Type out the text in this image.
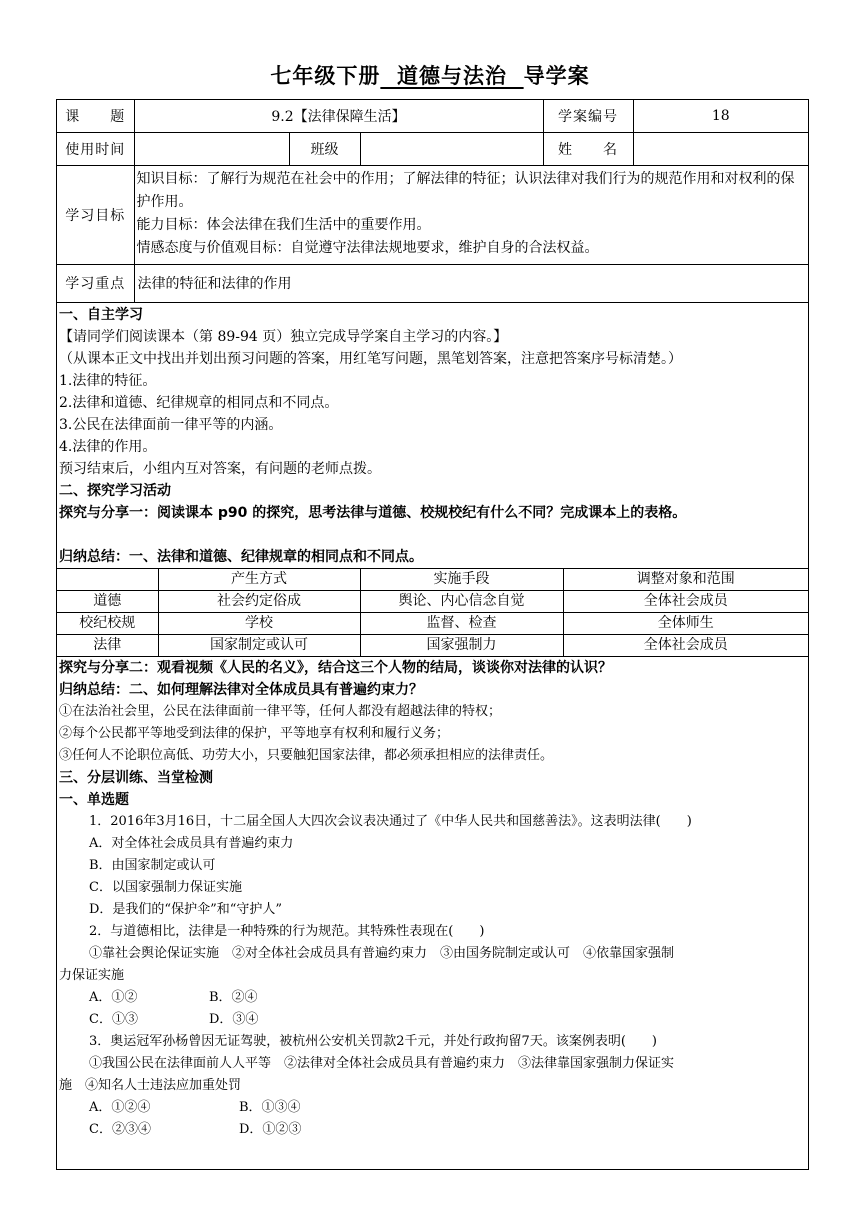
七年级下册 道德与法治 导学案
课　　题	9.2【法律保障生活】			学案编号	18
使用时间		班级		姓　　名	
学习目标	知识目标：了解行为规范在社会中的作用；了解法律的特征；认识法律对我们行为的规范作用和对权利的保护作用。
能力目标：体会法律在我们生活中的重要作用。
情感态度与价值观目标：自觉遵守法律法规地要求，维护自身的合法权益。				

学习重点	法律的特征和法律的作用				

一、自主学习

【请同学们阅读课本（第 89-94 页）独立完成导学案自主学习的内容。】

（从课本正文中找出并划出预习问题的答案，用红笔写问题，黑笔划答案，注意把答案序号标清楚。）

1.法律的特征。

2.法律和道德、纪律规章的相同点和不同点。

3.公民在法律面前一律平等的内涵。

4.法律的作用。

预习结束后，小组内互对答案，有问题的老师点拨。

二、探究学习活动

探究与分享一：阅读课本 p90 的探究，思考法律与道德、校规校纪有什么不同？完成课本上的表格。

归纳总结：一、法律和道德、纪律规章的相同点和不同点。

	产生方式	实施手段	调整对象和范围
道德	社会约定俗成	舆论、内心信念自觉	全体社会成员
校纪校规	学校	监督、检查	全体师生
法律	国家制定或认可	国家强制力	全体社会成员

探究与分享二：观看视频《人民的名义》，结合这三个人物的结局，谈谈你对法律的认识？

归纳总结：二、如何理解法律对全体成员具有普遍约束力？

①在法治社会里，公民在法律面前一律平等，任何人都没有超越法律的特权；

②每个公民都平等地受到法律的保护，平等地享有权利和履行义务；

③任何人不论职位高低、功劳大小，只要触犯国家法律，都必须承担相应的法律责任。

三、分层训练、当堂检测

一、单选题

1．2016年3月16日，十二届全国人大四次会议表决通过了《中华人民共和国慈善法》。这表明法律(　　)

A．对全体社会成员具有普遍约束力

B．由国家制定或认可

C．以国家强制力保证实施

D．是我们的“保护伞”和“守护人”

2．与道德相比，法律是一种特殊的行为规范。其特殊性表现在(　　)

①靠社会舆论保证实施　②对全体社会成员具有普遍约束力　③由国务院制定或认可　④依靠国家强制

力保证实施

A．①②	B．②④

C．①③	D．③④

3．奥运冠军孙杨曾因无证驾驶，被杭州公安机关罚款2千元，并处行政拘留7天。该案例表明(　　)

①我国公民在法律面前人人平等　②法律对全体社会成员具有普遍约束力　③法律靠国家强制力保证实

施　④知名人士违法应加重处罚

A．①②④	B．①③④

C．②③④	D．①②③
